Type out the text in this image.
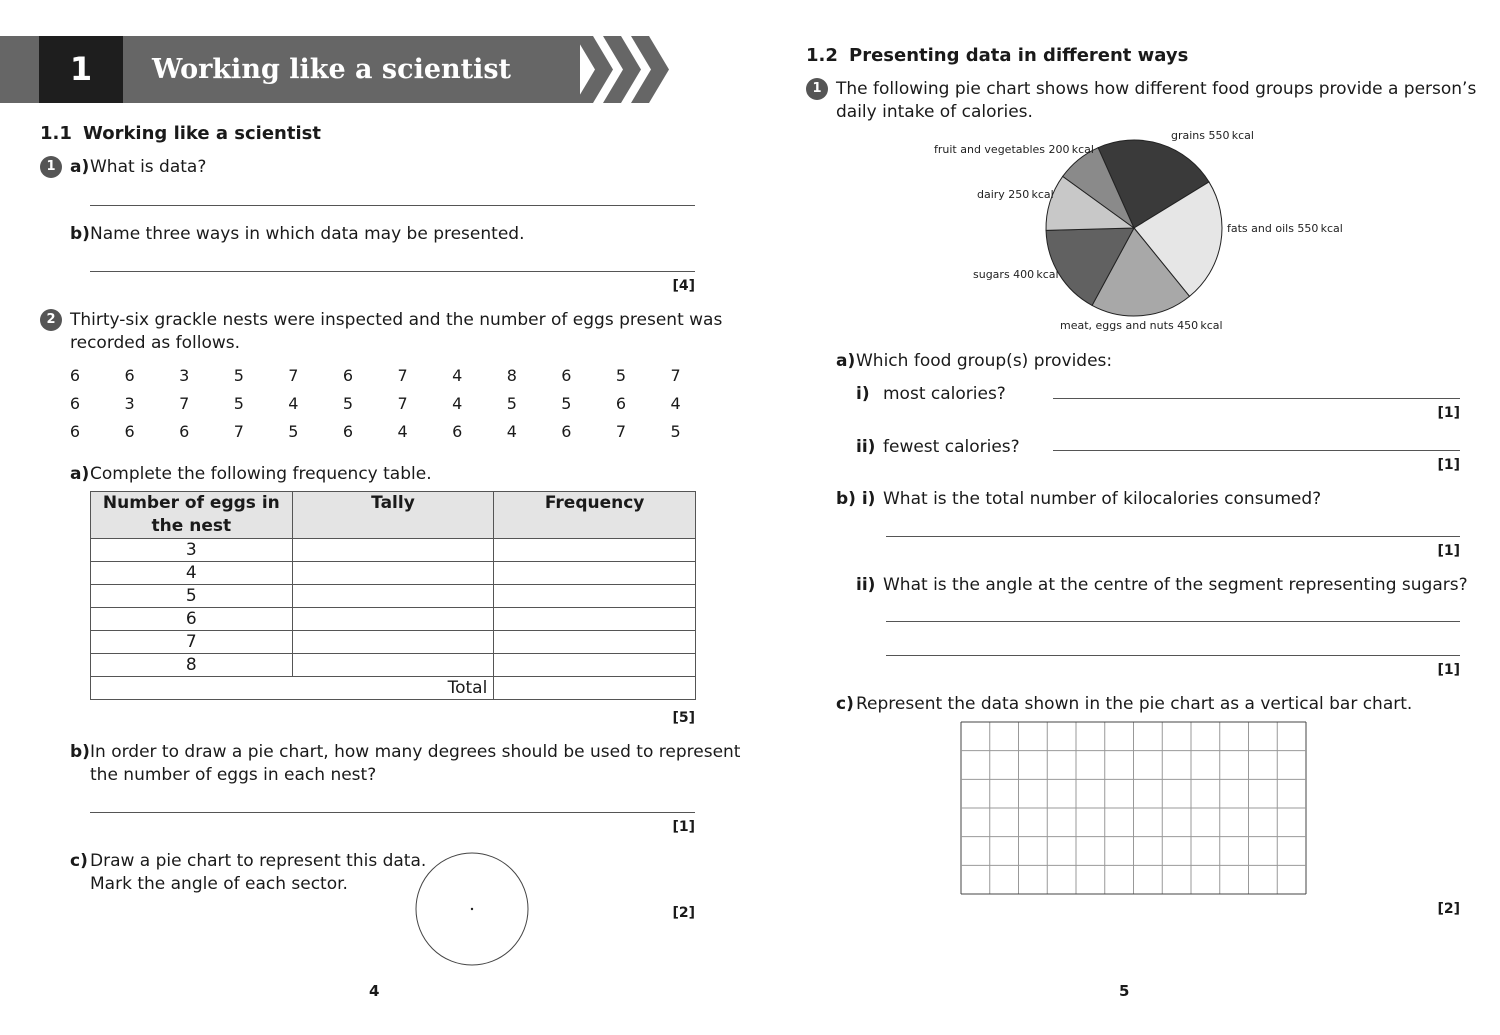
1	Working like a scientist
1.1 Working like a scientist
1 a) What is data?
b) Name three ways in which data may be presented.
[4]
2 Thirty-six grackle nests were inspected and the number of eggs present was
recorded as follows.
6	6	3	5	7	6	7	4	8	6	5	7
6	3	7	5	4	5	7	4	5	5	6	4
6	6	6	7	5	6	4	6	4	6	7	5
a) Complete the following frequency table.
Number of eggs in the nest	Tally	Frequency
3		
4		
5		
6		
7		
8		
Total		
[5]
b) In order to draw a pie chart, how many degrees should be used to represent
the number of eggs in each nest?
[1]
c) Draw a pie chart to represent this data.
Mark the angle of each sector.
[2]
4
1.2 Presenting data in different ways
1 The following pie chart shows how different food groups provide a person’s
daily intake of calories.
grains 550 kcal
fats and oils 550 kcal
meat, eggs and nuts 450 kcal
sugars 400 kcal
dairy 250 kcal
fruit and vegetables 200 kcal
a) Which food group(s) provides:
i) most calories?
[1]
ii) fewest calories?
[1]
b) i) What is the total number of kilocalories consumed?
[1]
ii) What is the angle at the centre of the segment representing sugars?
[1]
c) Represent the data shown in the pie chart as a vertical bar chart.
[2]
5
